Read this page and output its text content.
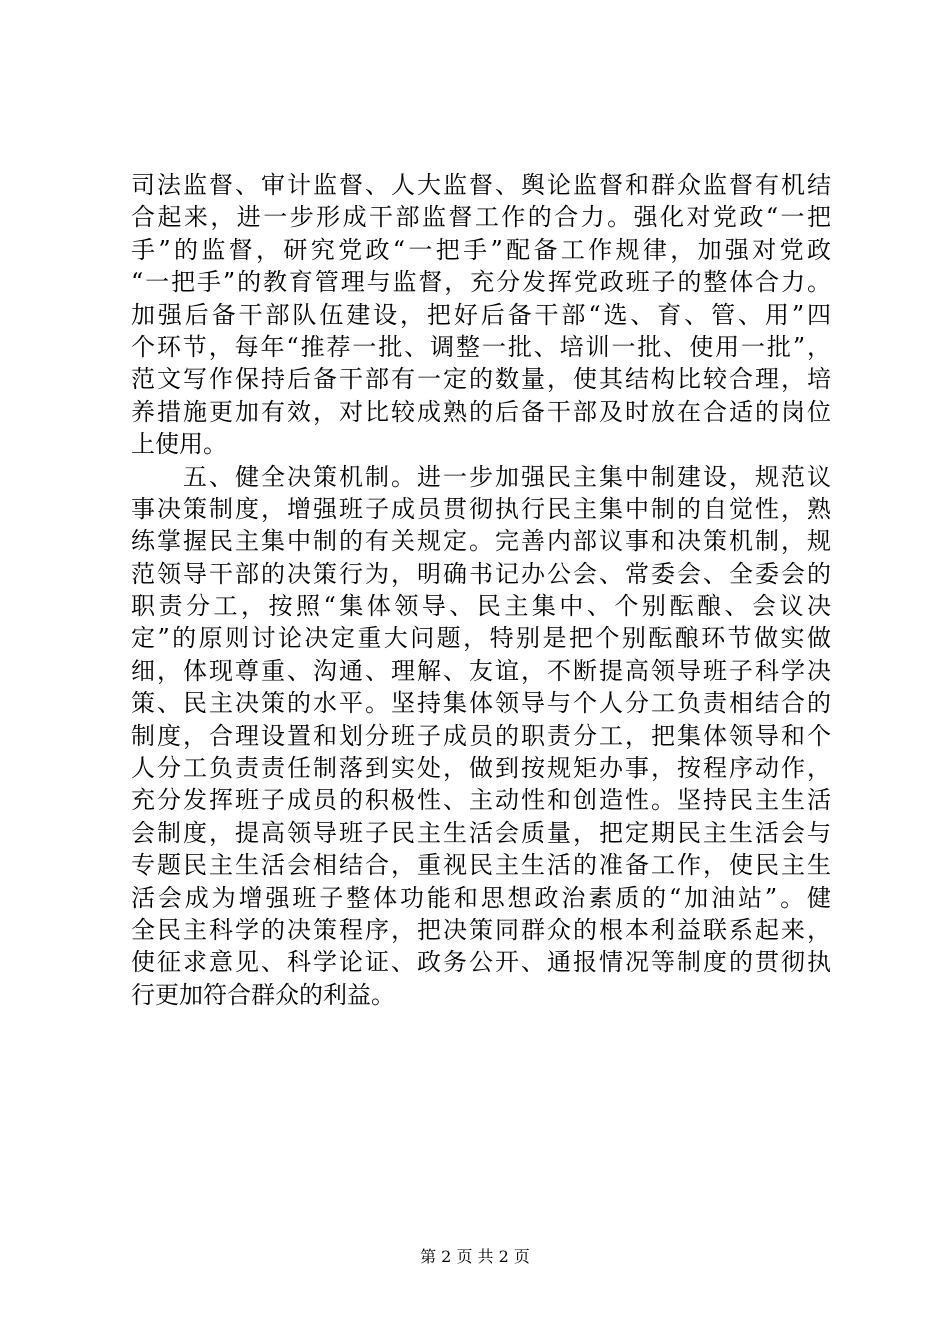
司法监督、审计监督、人大监督、舆论监督和群众监督有机结
合起来，进一步形成干部监督工作的合力。强化对党政“一把
手”的监督，研究党政“一把手”配备工作规律，加强对党政
“一把手”的教育管理与监督，充分发挥党政班子的整体合力。
加强后备干部队伍建设，把好后备干部“选、育、管、用”四
个环节，每年“推荐一批、调整一批、培训一批、使用一批”，
范文写作保持后备干部有一定的数量，使其结构比较合理，培
养措施更加有效，对比较成熟的后备干部及时放在合适的岗位
上使用。
　　五、健全决策机制。进一步加强民主集中制建设，规范议
事决策制度，增强班子成员贯彻执行民主集中制的自觉性，熟
练掌握民主集中制的有关规定。完善内部议事和决策机制，规
范领导干部的决策行为，明确书记办公会、常委会、全委会的
职责分工，按照“集体领导、民主集中、个别酝酿、会议决
定”的原则讨论决定重大问题，特别是把个别酝酿环节做实做
细，体现尊重、沟通、理解、友谊，不断提高领导班子科学决
策、民主决策的水平。坚持集体领导与个人分工负责相结合的
制度，合理设置和划分班子成员的职责分工，把集体领导和个
人分工负责责任制落到实处，做到按规矩办事，按程序动作，
充分发挥班子成员的积极性、主动性和创造性。坚持民主生活
会制度，提高领导班子民主生活会质量，把定期民主生活会与
专题民主生活会相结合，重视民主生活的准备工作，使民主生
活会成为增强班子整体功能和思想政治素质的“加油站”。健
全民主科学的决策程序，把决策同群众的根本利益联系起来，
使征求意见、科学论证、政务公开、通报情况等制度的贯彻执
行更加符合群众的利益。
第 2 页 共 2 页
